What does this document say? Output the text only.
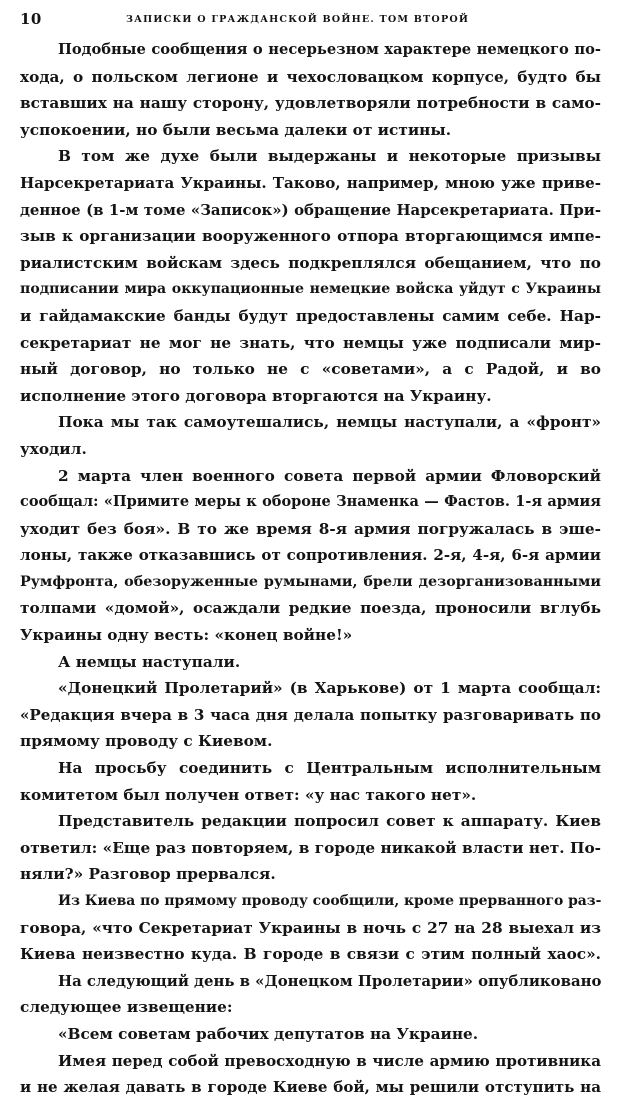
10	ЗАПИСКИ О ГРАЖДАНСКОЙ ВОЙНЕ. ТОМ ВТОРОЙ
Подобные сообщения о несерьезном характере немецкого по-
хода, о польском легионе и чехословацком корпусе, будто бы
вставших на нашу сторону, удовлетворяли потребности в само-
успокоении, но были весьма далеки от истины.
В том же духе были выдержаны и некоторые призывы
Нарсекретариата Украины. Таково, например, мною уже приве-
денное (в 1-м томе «Записок») обращение Нарсекретариата. При-
зыв к организации вооруженного отпора вторгающимся импе-
риалистским войскам здесь подкреплялся обещанием, что по
подписании мира оккупационные немецкие войска уйдут с Украины
и гайдамакские банды будут предоставлены самим себе. Нар-
секретариат не мог не знать, что немцы уже подписали мир-
ный договор, но только не с «советами», а с Радой, и во
исполнение этого договора вторгаются на Украину.
Пока мы так самоутешались, немцы наступали, а «фронт»
уходил.
2 марта член военного совета первой армии Фловорский
сообщал: «Примите меры к обороне Знаменка — Фастов. 1-я армия
уходит без боя». В то же время 8-я армия погружалась в эше-
лоны, также отказавшись от сопротивления. 2-я, 4-я, 6-я армии
Румфронта, обезоруженные румынами, брели дезорганизованными
толпами «домой», осаждали редкие поезда, проносили вглубь
Украины одну весть: «конец войне!»
А немцы наступали.
«Донецкий Пролетарий» (в Харькове) от 1 марта сообщал:
«Редакция вчера в 3 часа дня делала попытку разговаривать по
прямому проводу с Киевом.
На просьбу соединить с Центральным исполнительным
комитетом был получен ответ: «у нас такого нет».
Представитель редакции попросил совет к аппарату. Киев
ответил: «Еще раз повторяем, в городе никакой власти нет. По-
няли?» Разговор прервался.
Из Киева по прямому проводу сообщили, кроме прерванного раз-
говора, «что Секретариат Украины в ночь с 27 на 28 выехал из
Киева неизвестно куда. В городе в связи с этим полный хаос».
На следующий день в «Донецком Пролетарии» опубликовано
следующее извещение:
«Всем советам рабочих депутатов на Украине.
Имея перед собой превосходную в числе армию противника
и не желая давать в городе Киеве бой, мы решили отступить на
